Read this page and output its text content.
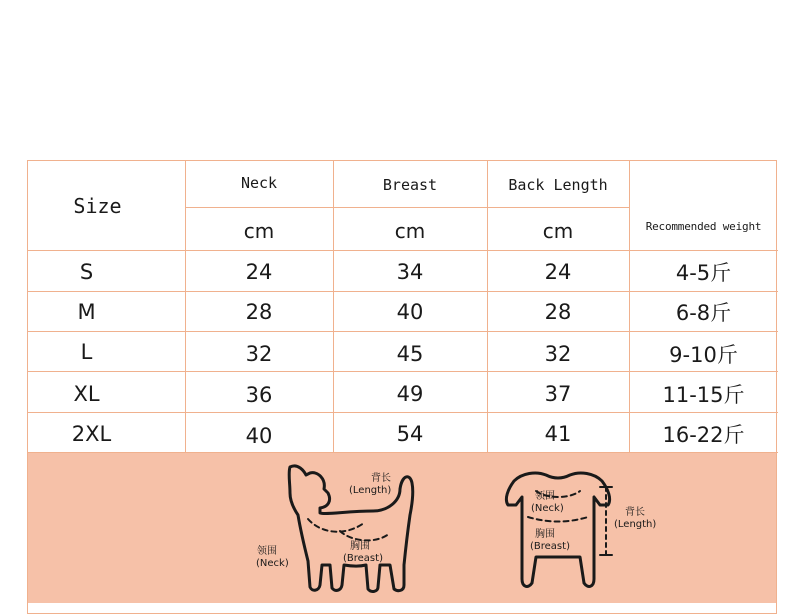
Size
Neck	Breast	Back Length
Recommended weight
cm	cm	cm
S	24	34	24	4-5斤
M	28	40	28	6-8斤
L	32	45	32	9-10斤
XL	36	49	37	11-15斤
2XL	40	54	41	16-22斤
背长
(Length)
领围
(Neck)
胸围
(Breast)
领围
(Neck)
胸围
(Breast)
背长
(Length)
